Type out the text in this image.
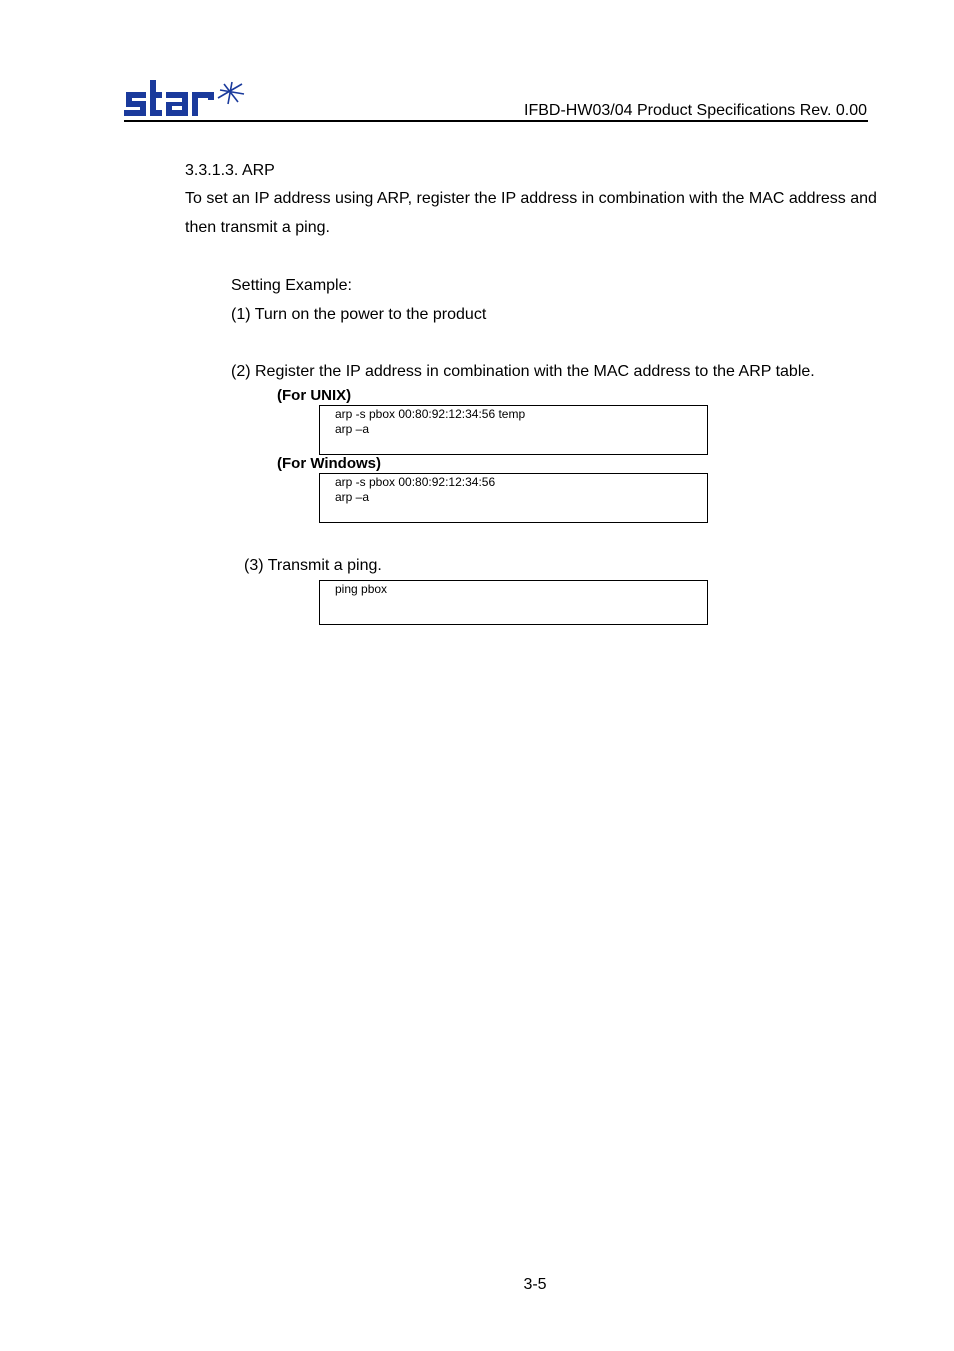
IFBD-HW03/04 Product Specifications Rev. 0.00
3.3.1.3. ARP
To set an IP address using ARP, register the IP address in combination with the MAC address and
then transmit a ping.
Setting Example:
(1) Turn on the power to the product
(2) Register the IP address in combination with the MAC address to the ARP table.
(For UNIX)
arp -s pbox 00:80:92:12:34:56 temp
arp –a
(For Windows)
arp -s pbox 00:80:92:12:34:56
arp –a
(3) Transmit a ping.
ping pbox
3-5
